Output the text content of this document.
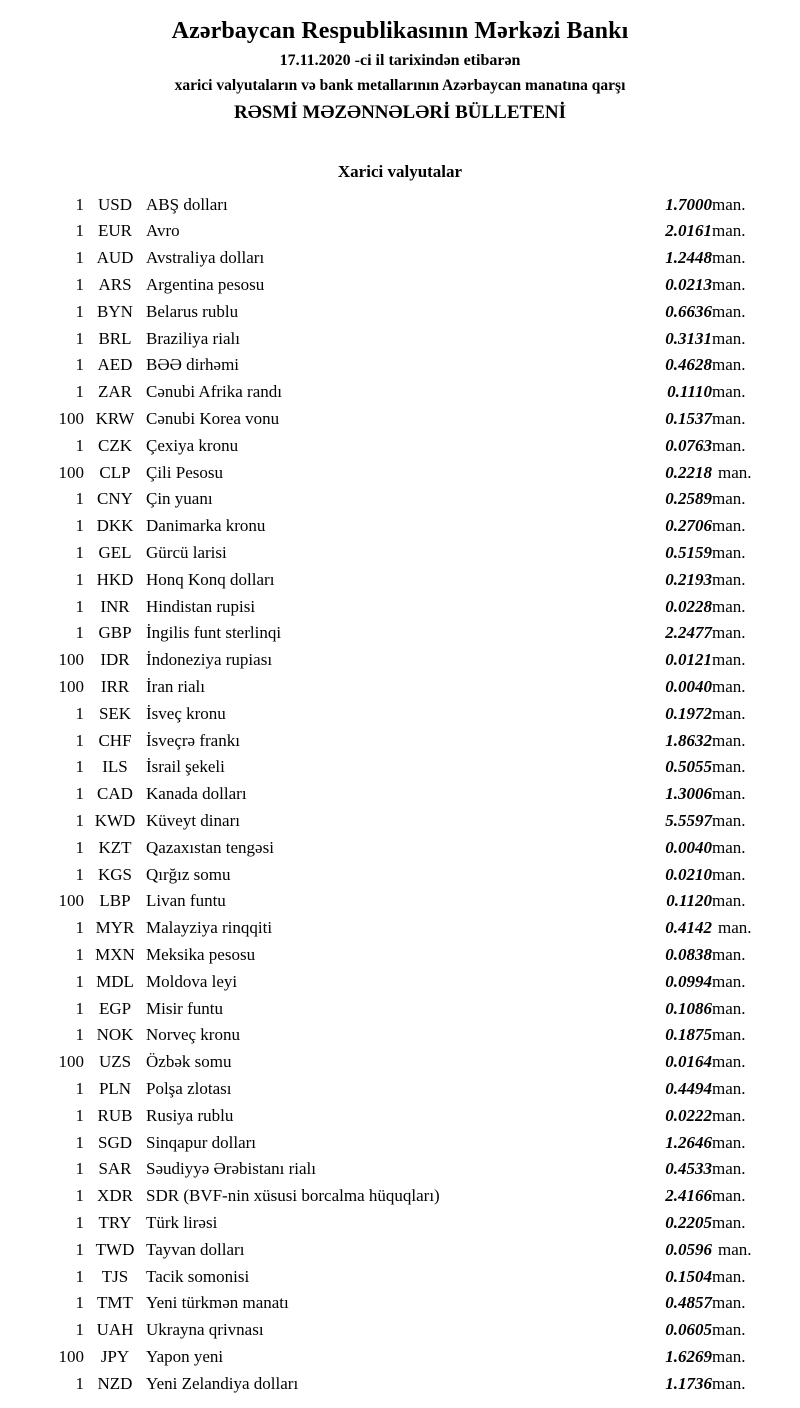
Azərbaycan Respublikasının Mərkəzi Bankı
17.11.2020 -ci il tarixindən etibarən
xarici valyutaların və bank metallarının Azərbaycan manatına qarşı
RƏSMİ MƏZƏNNƏLƏRİ BÜLLETENİ
Xarici valyutalar
1	USD	ABŞ dolları	1.7000	man.
1	EUR	Avro	2.0161	man.
1	AUD	Avstraliya dolları	1.2448	man.
1	ARS	Argentina pesosu	0.0213	man.
1	BYN	Belarus rublu	0.6636	man.
1	BRL	Braziliya rialı	0.3131	man.
1	AED	BƏƏ dirhəmi	0.4628	man.
1	ZAR	Cənubi Afrika randı	0.1110	man.
100	KRW	Cənubi Korea vonu	0.1537	man.
1	CZK	Çexiya kronu	0.0763	man.
100	CLP	Çili Pesosu	0.2218	man.
1	CNY	Çin yuanı	0.2589	man.
1	DKK	Danimarka kronu	0.2706	man.
1	GEL	Gürcü larisi	0.5159	man.
1	HKD	Honq Konq dolları	0.2193	man.
1	INR	Hindistan rupisi	0.0228	man.
1	GBP	İngilis funt sterlinqi	2.2477	man.
100	IDR	İndoneziya rupiası	0.0121	man.
100	IRR	İran rialı	0.0040	man.
1	SEK	İsveç kronu	0.1972	man.
1	CHF	İsveçrə frankı	1.8632	man.
1	ILS	İsrail şekeli	0.5055	man.
1	CAD	Kanada dolları	1.3006	man.
1	KWD	Küveyt dinarı	5.5597	man.
1	KZT	Qazaxıstan tengəsi	0.0040	man.
1	KGS	Qırğız somu	0.0210	man.
100	LBP	Livan funtu	0.1120	man.
1	MYR	Malayziya rinqqiti	0.4142	man.
1	MXN	Meksika pesosu	0.0838	man.
1	MDL	Moldova leyi	0.0994	man.
1	EGP	Misir funtu	0.1086	man.
1	NOK	Norveç kronu	0.1875	man.
100	UZS	Özbək somu	0.0164	man.
1	PLN	Polşa zlotası	0.4494	man.
1	RUB	Rusiya rublu	0.0222	man.
1	SGD	Sinqapur dolları	1.2646	man.
1	SAR	Səudiyyə Ərəbistanı rialı	0.4533	man.
1	XDR	SDR (BVF-nin xüsusi borcalma hüquqları)	2.4166	man.
1	TRY	Türk lirəsi	0.2205	man.
1	TWD	Tayvan dolları	0.0596	man.
1	TJS	Tacik somonisi	0.1504	man.
1	TMT	Yeni türkmən manatı	0.4857	man.
1	UAH	Ukrayna qrivnası	0.0605	man.
100	JPY	Yapon yeni	1.6269	man.
1	NZD	Yeni Zelandiya dolları	1.1736	man.
